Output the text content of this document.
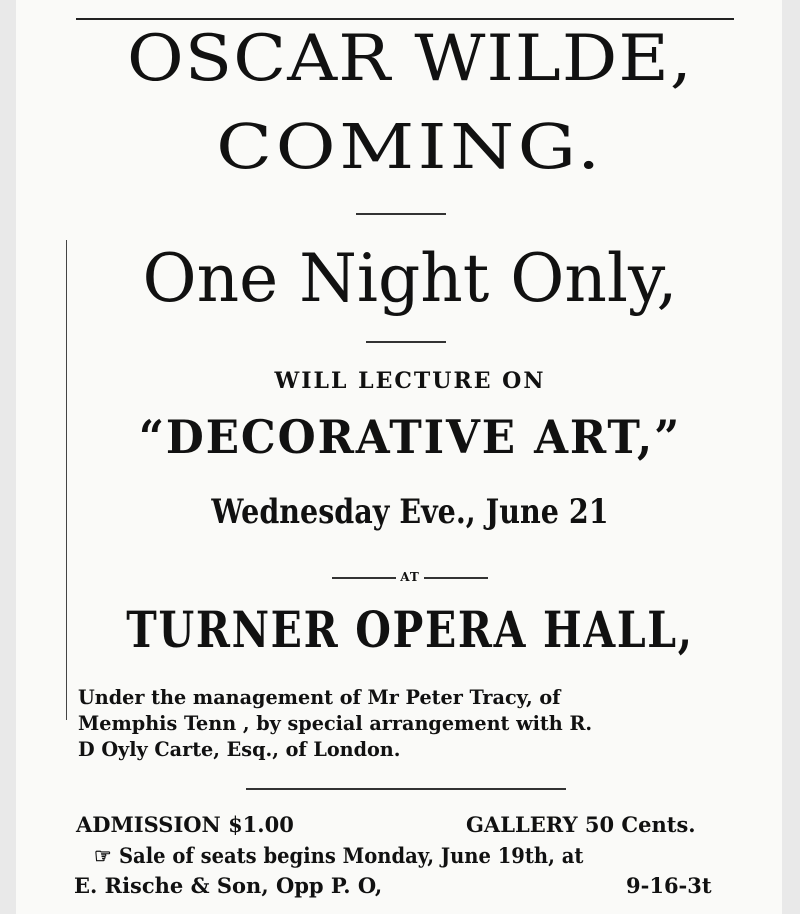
OSCAR WILDE,
COMING.
One Night Only,
WILL LECTURE ON
“DECORATIVE ART,”
Wednesday Eve., June 21
AT
TURNER OPERA HALL,
Under the management of Mr Peter Tracy, of
Memphis Tenn , by special arrangement with R.
D Oyly Carte, Esq., of London.
ADMISSION $1.00	GALLERY 50 Cents.
☞ Sale of seats begins Monday, June 19th, at
E. Rische & Son, Opp P. O,	9-16-3t
